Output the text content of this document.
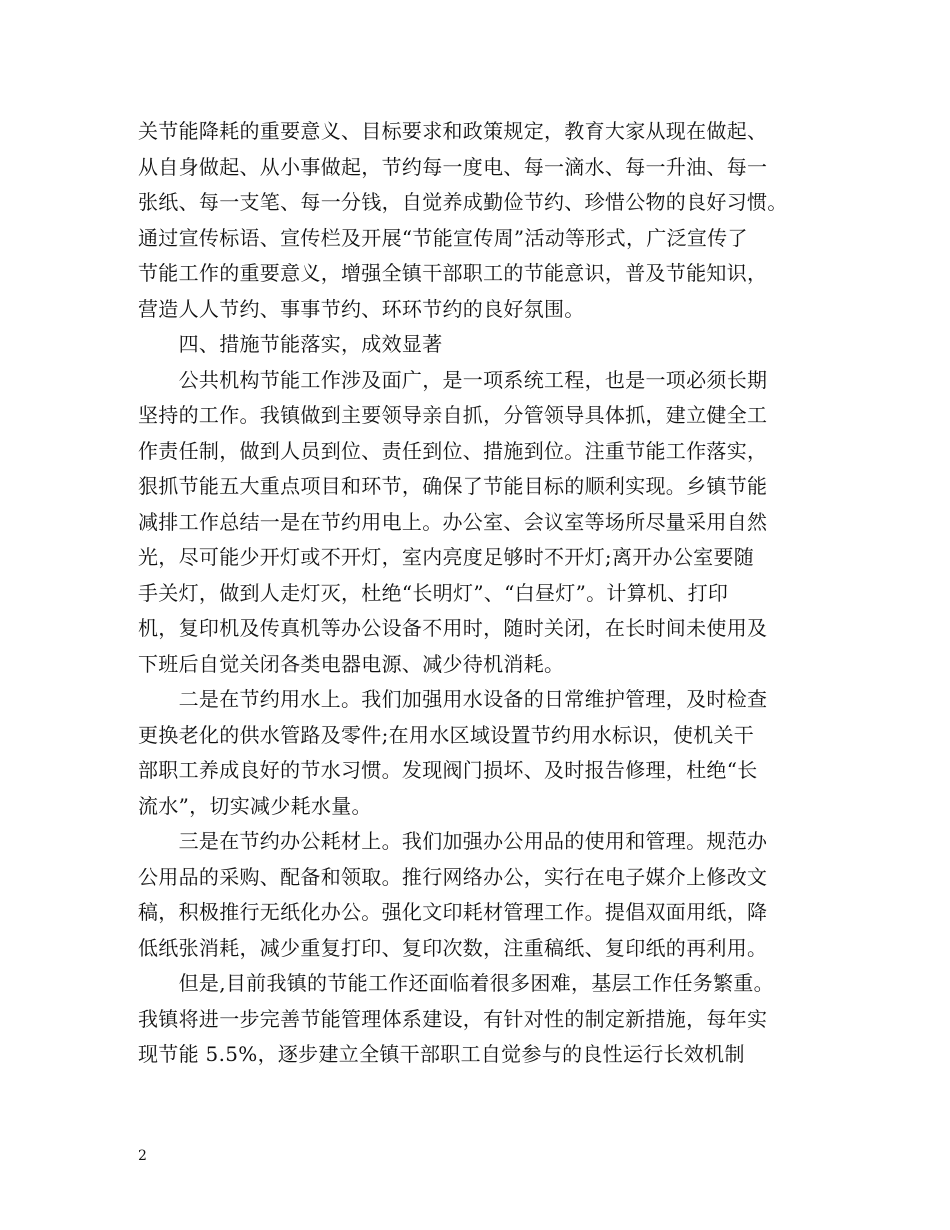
关节能降耗的重要意义、目标要求和政策规定，教育大家从现在做起、
从自身做起、从小事做起，节约每一度电、每一滴水、每一升油、每一
张纸、每一支笔、每一分钱，自觉养成勤俭节约、珍惜公物的良好习惯。
通过宣传标语、宣传栏及开展“节能宣传周”活动等形式，广泛宣传了
节能工作的重要意义，增强全镇干部职工的节能意识，普及节能知识，
营造人人节约、事事节约、环环节约的良好氛围。
　　四、措施节能落实，成效显著
　　公共机构节能工作涉及面广，是一项系统工程，也是一项必须长期
坚持的工作。我镇做到主要领导亲自抓，分管领导具体抓，建立健全工
作责任制，做到人员到位、责任到位、措施到位。注重节能工作落实，
狠抓节能五大重点项目和环节，确保了节能目标的顺利实现。乡镇节能
减排工作总结一是在节约用电上。办公室、会议室等场所尽量采用自然
光，尽可能少开灯或不开灯，室内亮度足够时不开灯;离开办公室要随
手关灯，做到人走灯灭，杜绝“长明灯”、“白昼灯”。计算机、打印
机，复印机及传真机等办公设备不用时，随时关闭，在长时间未使用及
下班后自觉关闭各类电器电源、减少待机消耗。
　　二是在节约用水上。我们加强用水设备的日常维护管理，及时检查
更换老化的供水管路及零件;在用水区域设置节约用水标识，使机关干
部职工养成良好的节水习惯。发现阀门损坏、及时报告修理，杜绝“长
流水”，切实减少耗水量。
　　三是在节约办公耗材上。我们加强办公用品的使用和管理。规范办
公用品的采购、配备和领取。推行网络办公，实行在电子媒介上修改文
稿，积极推行无纸化办公。强化文印耗材管理工作。提倡双面用纸，降
低纸张消耗，减少重复打印、复印次数，注重稿纸、复印纸的再利用。
　　但是,目前我镇的节能工作还面临着很多困难，基层工作任务繁重。
我镇将进一步完善节能管理体系建设，有针对性的制定新措施，每年实
现节能 5.5%，逐步建立全镇干部职工自觉参与的良性运行长效机制
2
